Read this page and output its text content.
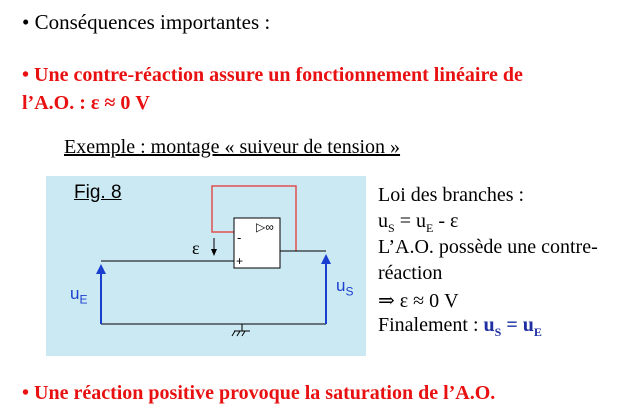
• Conséquences importantes :
• Une contre-réaction assure un fonctionnement linéaire de
l’A.O. : ε ≈ 0 V
Exemple : montage « suiveur de tension »
Fig. 8
▷∞
-
+
ε
$u_E$
$u_S$
Loi des branches :
$u_S = u_E - \varepsilon$
L’A.O. possède une contre-
réaction
⇒ ε ≈ 0 V
Finalement : $u_S = u_E$
• Une réaction positive provoque la saturation de l’A.O.
